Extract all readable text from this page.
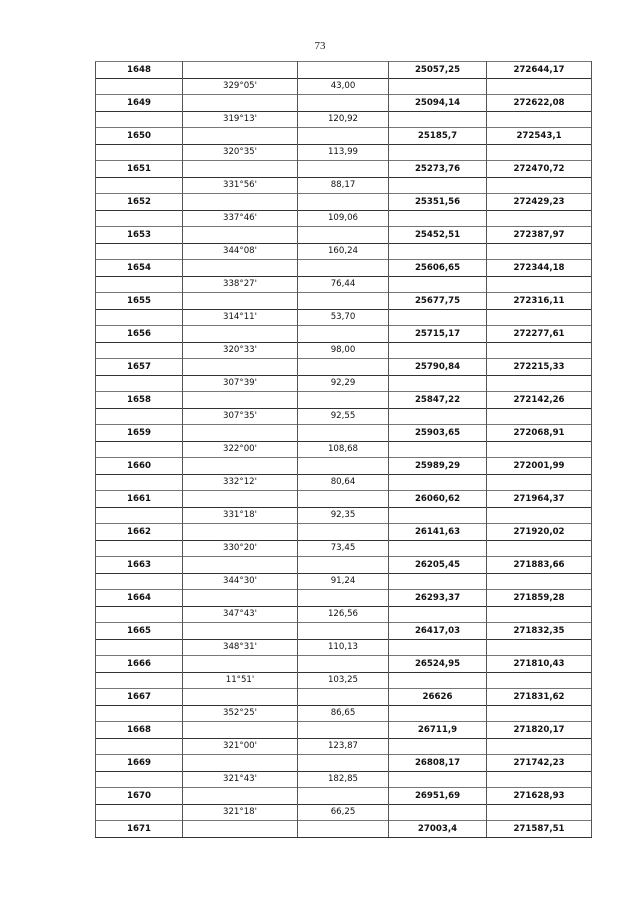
73
1648			25057,25	272644,17
	329°05'	43,00		
1649			25094,14	272622,08
	319°13'	120,92		
1650			25185,7	272543,1
	320°35'	113,99		
1651			25273,76	272470,72
	331°56'	88,17		
1652			25351,56	272429,23
	337°46'	109,06		
1653			25452,51	272387,97
	344°08'	160,24		
1654			25606,65	272344,18
	338°27'	76,44		
1655			25677,75	272316,11
	314°11'	53,70		
1656			25715,17	272277,61
	320°33'	98,00		
1657			25790,84	272215,33
	307°39'	92,29		
1658			25847,22	272142,26
	307°35'	92,55		
1659			25903,65	272068,91
	322°00'	108,68		
1660			25989,29	272001,99
	332°12'	80,64		
1661			26060,62	271964,37
	331°18'	92,35		
1662			26141,63	271920,02
	330°20'	73,45		
1663			26205,45	271883,66
	344°30'	91,24		
1664			26293,37	271859,28
	347°43'	126,56		
1665			26417,03	271832,35
	348°31'	110,13		
1666			26524,95	271810,43
	11°51'	103,25		
1667			26626	271831,62
	352°25'	86,65		
1668			26711,9	271820,17
	321°00'	123,87		
1669			26808,17	271742,23
	321°43'	182,85		
1670			26951,69	271628,93
	321°18'	66,25		
1671			27003,4	271587,51
